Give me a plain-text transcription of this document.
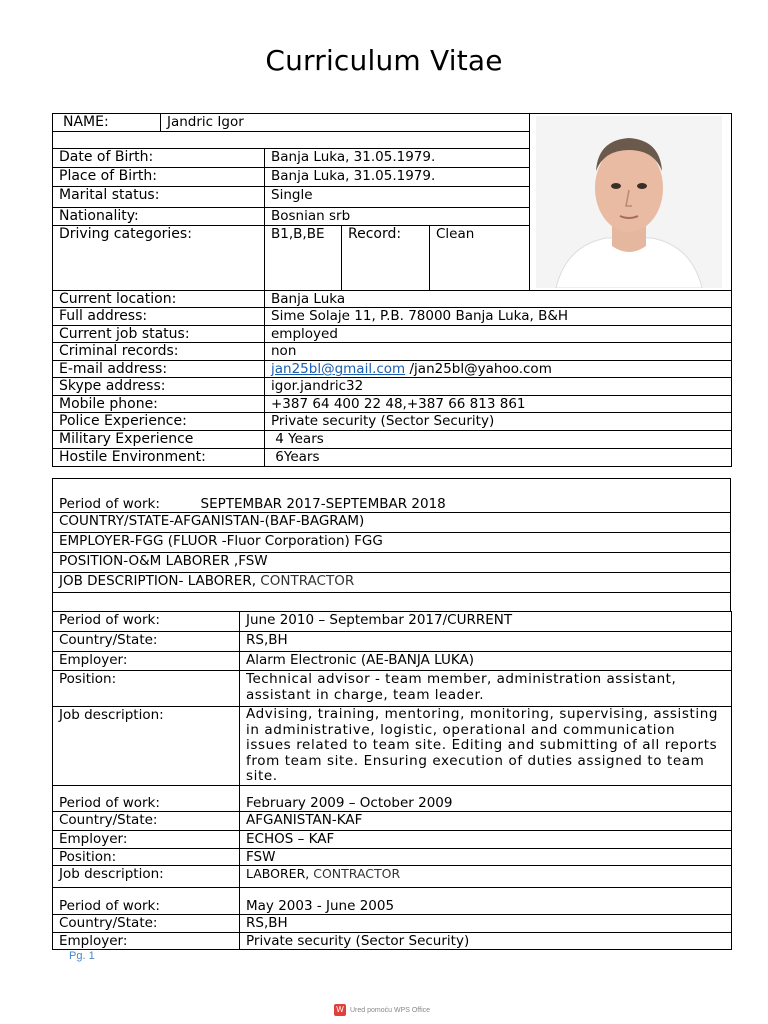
Curriculum Vitae
NAME:	Jandric Igor	

Date of Birth:		Banja Luka, 31.05.1979.			
Place of Birth:		Banja Luka, 31.05.1979.			
Marital status:		Single			
Nationality:		Bosnian srb			
Driving categories:		B1,B,BE	Record:	Clean	
Current location:		Banja Luka			
Full address:		Sime Solaje 11, P.B. 78000 Banja Luka, B&H			
Current job status:		employed			
Criminal records:		non			
E-mail address:		jan25bl@gmail.com /jan25bl@yahoo.com			
Skype address:		igor.jandric32			
Mobile phone:		+387 64 400 22 48,+387 66 813 861			
Police Experience:		Private security (Sector Security)			
Military Experience		4 Years			
Hostile Environment:		6Years			
Period of work:	SEPTEMBAR 2017-SEPTEMBAR 2018
COUNTRY/STATE-AFGANISTAN-(BAF-BAGRAM)
EMPLOYER-FGG (FLUOR -Fluor Corporation) FGG
POSITION-O&M LABORER ,FSW
JOB DESCRIPTION- LABORER, CONTRACTOR

Period of work:	June 2010 – Septembar 2017/CURRENT
Country/State:	RS,BH
Employer:	Alarm Electronic (AE-BANJA LUKA)
Position:	Technical advisor - team member, administration assistant, assistant in charge, team leader.
Job description:	Advising, training, mentoring, monitoring, supervising, assisting in administrative, logistic, operational and communication issues related to team site. Editing and submitting of all reports from team site. Ensuring execution of duties assigned to team site.
Period of work:	February 2009 – October 2009
Country/State:	AFGANISTAN-KAF
Employer:	ECHOS – KAF
Position:	FSW
Job description:	LABORER, CONTRACTOR
Period of work:	May 2003 - June 2005
Country/State:	RS,BH
Employer:	Private security (Sector Security)
Pg. 1
W Ured pomoću WPS Office
